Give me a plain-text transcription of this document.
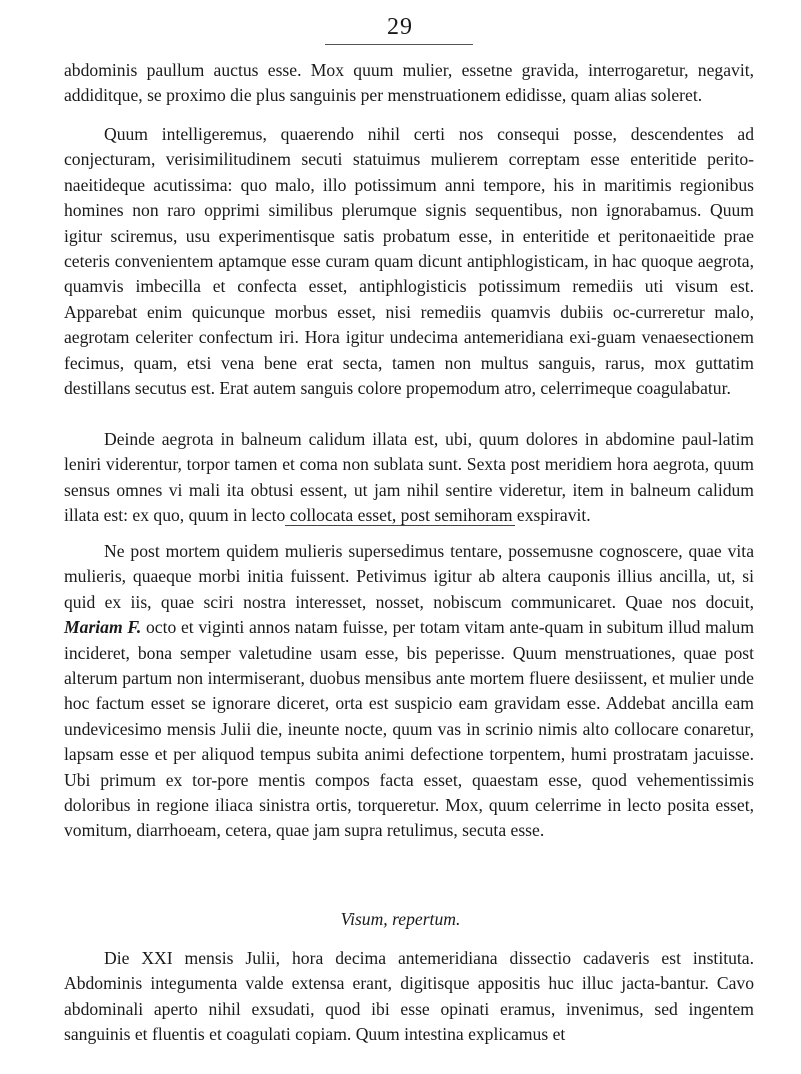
29

abdominis paullum auctus esse. Mox quum mulier, essetne gravida, interrogaretur, negavit, addiditque, se proximo die plus sanguinis per menstruationem edidisse, quam alias soleret.

Quum intelligeremus, quaerendo nihil certi nos consequi posse, descendentes ad conjecturam, verisimilitudinem secuti statuimus mulierem correptam esse enteritide perito-naeitideque acutissima: quo malo, illo potissimum anni tempore, his in maritimis regionibus homines non raro opprimi similibus plerumque signis sequentibus, non ignorabamus. Quum igitur sciremus, usu experimentisque satis probatum esse, in enteritide et peritonaeitide prae ceteris convenientem aptamque esse curam quam dicunt antiphlogisticam, in hac quoque aegrota, quamvis imbecilla et confecta esset, antiphlogisticis potissimum remediis uti visum est. Apparebat enim quicunque morbus esset, nisi remediis quamvis dubiis oc-curreretur malo, aegrotam celeriter confectum iri. Hora igitur undecima antemeridiana exi-guam venaesectionem fecimus, quam, etsi vena bene erat secta, tamen non multus sanguis, rarus, mox guttatim destillans secutus est. Erat autem sanguis colore propemodum atro, celerrimeque coagulabatur.

Deinde aegrota in balneum calidum illata est, ubi, quum dolores in abdomine paul-latim leniri viderentur, torpor tamen et coma non sublata sunt. Sexta post meridiem hora aegrota, quum sensus omnes vi mali ita obtusi essent, ut jam nihil sentire videretur, item in balneum calidum illata est: ex quo, quum in lecto collocata esset, post semihoram exspiravit.

Ne post mortem quidem mulieris supersedimus tentare, possemusne cognoscere, quae vita mulieris, quaeque morbi initia fuissent. Petivimus igitur ab altera cauponis illius ancilla, ut, si quid ex iis, quae sciri nostra interesset, nosset, nobiscum communicaret. Quae nos docuit, Mariam F. octo et viginti annos natam fuisse, per totam vitam ante-quam in subitum illud malum incideret, bona semper valetudine usam esse, bis peperisse. Quum menstruationes, quae post alterum partum non intermiserant, duobus mensibus ante mortem fluere desiissent, et mulier unde hoc factum esset se ignorare diceret, orta est suspicio eam gravidam esse. Addebat ancilla eam undevicesimo mensis Julii die, ineunte nocte, quum vas in scrinio nimis alto collocare conaretur, lapsam esse et per aliquod tempus subita animi defectione torpentem, humi prostratam jacuisse. Ubi primum ex tor-pore mentis compos facta esset, quaestam esse, quod vehementissimis doloribus in regione iliaca sinistra ortis, torqueretur. Mox, quum celerrime in lecto posita esset, vomitum, diarrhoeam, cetera, quae jam supra retulimus, secuta esse.

Visum, repertum.

Die XXI mensis Julii, hora decima antemeridiana dissectio cadaveris est instituta. Abdominis integumenta valde extensa erant, digitisque appositis huc illuc jacta-bantur. Cavo abdominali aperto nihil exsudati, quod ibi esse opinati eramus, invenimus, sed ingentem sanguinis et fluentis et coagulati copiam. Quum intestina explicamus et
